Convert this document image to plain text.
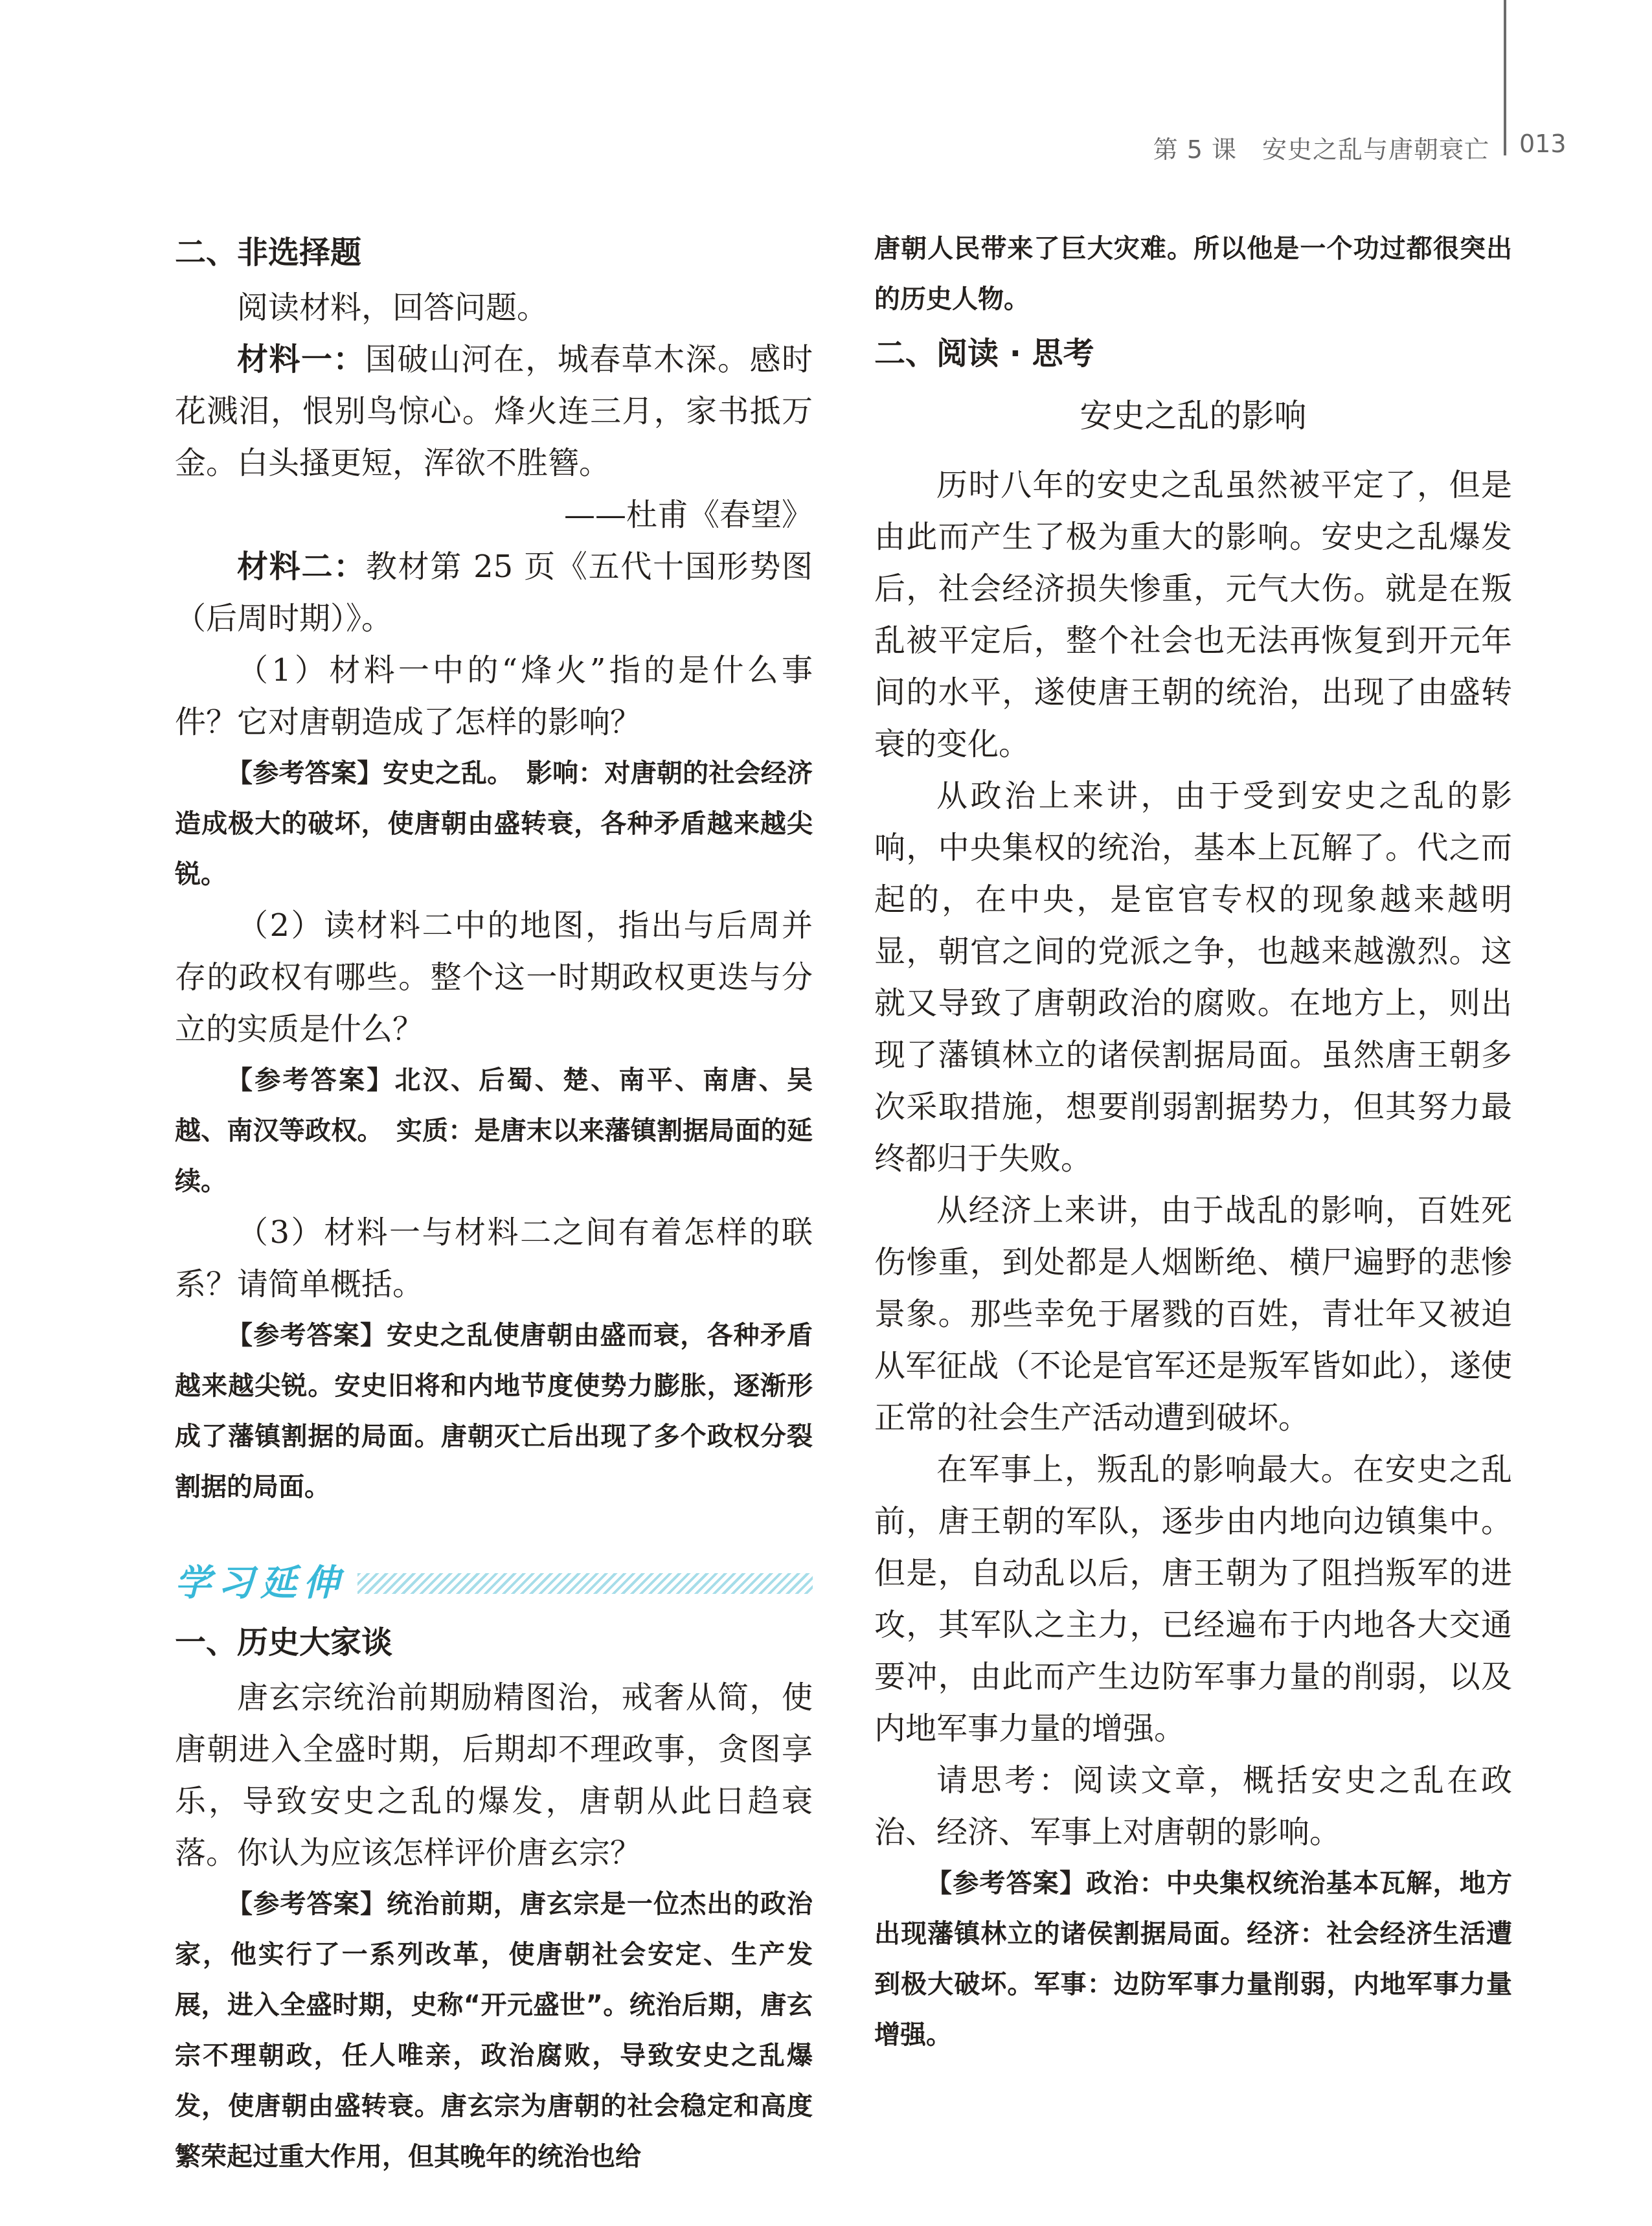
第 5 课　安史之乱与唐朝衰亡 013
二、非选择题

阅读材料，回答问题。

材料一：国破山河在，城春草木深。感时花溅泪，恨别鸟惊心。烽火连三月，家书抵万金。白头搔更短，浑欲不胜簪。

——杜甫《春望》

材料二：教材第 25 页《五代十国形势图（后周时期）》。

（1）材料一中的“烽火”指的是什么事件？它对唐朝造成了怎样的影响？

【参考答案】安史之乱。　影响：对唐朝的社会经济造成极大的破坏，使唐朝由盛转衰，各种矛盾越来越尖锐。

（2）读材料二中的地图，指出与后周并存的政权有哪些。整个这一时期政权更迭与分立的实质是什么？

【参考答案】北汉、后蜀、楚、南平、南唐、吴越、南汉等政权。　实质：是唐末以来藩镇割据局面的延续。

（3）材料一与材料二之间有着怎样的联系？请简单概括。

【参考答案】安史之乱使唐朝由盛而衰，各种矛盾越来越尖锐。安史旧将和内地节度使势力膨胀，逐渐形成了藩镇割据的局面。唐朝灭亡后出现了多个政权分裂割据的局面。

学习延伸
一、历史大家谈

唐玄宗统治前期励精图治，戒奢从简，使唐朝进入全盛时期，后期却不理政事，贪图享乐，导致安史之乱的爆发，唐朝从此日趋衰落。你认为应该怎样评价唐玄宗？

【参考答案】统治前期，唐玄宗是一位杰出的政治家，他实行了一系列改革，使唐朝社会安定、生产发展，进入全盛时期，史称“开元盛世”。统治后期，唐玄宗不理朝政，任人唯亲，政治腐败，导致安史之乱爆发，使唐朝由盛转衰。唐玄宗为唐朝的社会稳定和高度繁荣起过重大作用，但其晚年的统治也给

唐朝人民带来了巨大灾难。所以他是一个功过都很突出的历史人物。

二、阅读 · 思考

安史之乱的影响

历时八年的安史之乱虽然被平定了，但是由此而产生了极为重大的影响。安史之乱爆发后，社会经济损失惨重，元气大伤。就是在叛乱被平定后，整个社会也无法再恢复到开元年间的水平，遂使唐王朝的统治，出现了由盛转衰的变化。

从政治上来讲，由于受到安史之乱的影响，中央集权的统治，基本上瓦解了。代之而起的，在中央，是宦官专权的现象越来越明显，朝官之间的党派之争，也越来越激烈。这就又导致了唐朝政治的腐败。在地方上，则出现了藩镇林立的诸侯割据局面。虽然唐王朝多次采取措施，想要削弱割据势力，但其努力最终都归于失败。

从经济上来讲，由于战乱的影响，百姓死伤惨重，到处都是人烟断绝、横尸遍野的悲惨景象。那些幸免于屠戮的百姓，青壮年又被迫从军征战（不论是官军还是叛军皆如此），遂使正常的社会生产活动遭到破坏。

在军事上，叛乱的影响最大。在安史之乱前，唐王朝的军队，逐步由内地向边镇集中。但是，自动乱以后，唐王朝为了阻挡叛军的进攻，其军队之主力，已经遍布于内地各大交通要冲，由此而产生边防军事力量的削弱，以及内地军事力量的增强。

请思考：阅读文章，概括安史之乱在政治、经济、军事上对唐朝的影响。

【参考答案】政治：中央集权统治基本瓦解，地方出现藩镇林立的诸侯割据局面。经济：社会经济生活遭到极大破坏。军事：边防军事力量削弱，内地军事力量增强。
